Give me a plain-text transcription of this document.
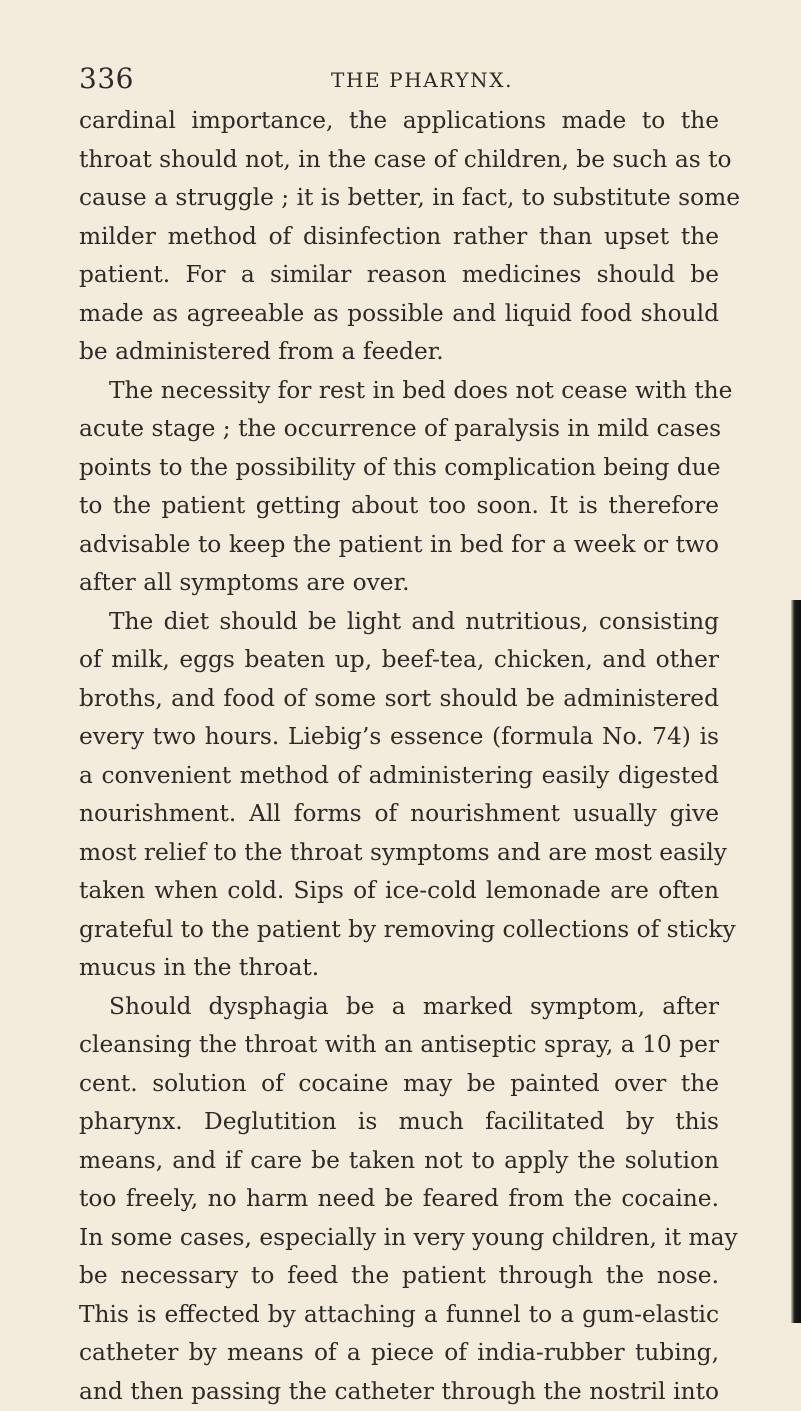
336	THE PHARYNX.
cardinal importance, the applications made to the
throat should not, in the case of children, be such as to
cause a struggle ; it is better, in fact, to substitute some
milder method of disinfection rather than upset the
patient. For a similar reason medicines should be
made as agreeable as possible and liquid food should
be administered from a feeder.
The necessity for rest in bed does not cease with the
acute stage ; the occurrence of paralysis in mild cases
points to the possibility of this complication being due
to the patient getting about too soon. It is therefore
advisable to keep the patient in bed for a week or two
after all symptoms are over.
The diet should be light and nutritious, consisting
of milk, eggs beaten up, beef-tea, chicken, and other
broths, and food of some sort should be administered
every two hours. Liebig’s essence (formula No. 74) is
a convenient method of administering easily digested
nourishment. All forms of nourishment usually give
most relief to the throat symptoms and are most easily
taken when cold. Sips of ice-cold lemonade are often
grateful to the patient by removing collections of sticky
mucus in the throat.
Should dysphagia be a marked symptom, after
cleansing the throat with an antiseptic spray, a 10 per
cent. solution of cocaine may be painted over the
pharynx. Deglutition is much facilitated by this
means, and if care be taken not to apply the solution
too freely, no harm need be feared from the cocaine.
In some cases, especially in very young children, it may
be necessary to feed the patient through the nose.
This is effected by attaching a funnel to a gum-elastic
catheter by means of a piece of india-rubber tubing,
and then passing the catheter through the nostril into
